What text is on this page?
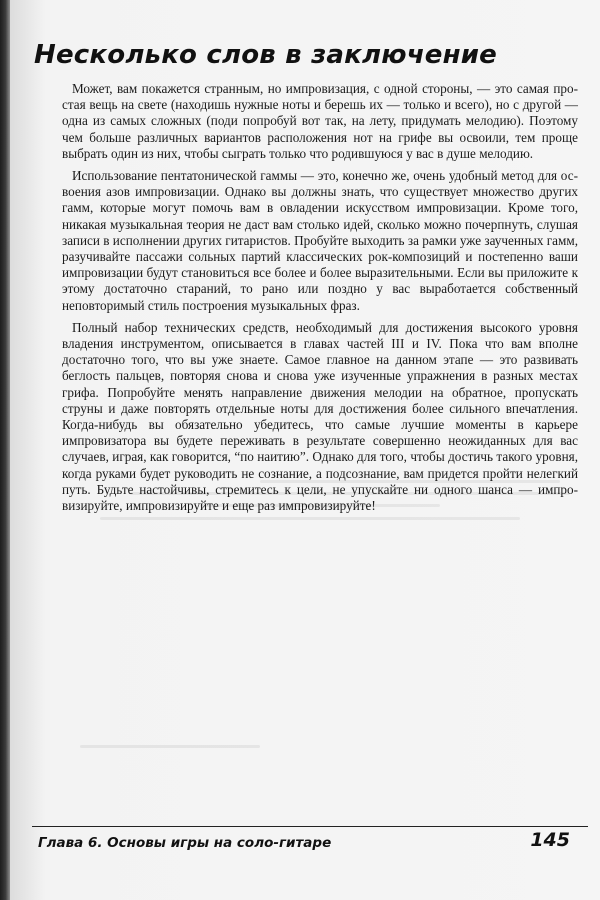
Несколько слов в заключение

Может, вам покажется странным, но импровизация, с одной стороны, — это самая простая вещь на свете (находишь нужные ноты и берешь их — только и всего), но с другой — одна из самых сложных (поди попробуй вот так, на лету, придумать мелодию). Поэтому чем больше различных вариантов расположения нот на грифе вы освоили, тем проще выбрать один из них, чтобы сыграть только что родившуюся у вас в душе мелодию.

Использование пентатонической гаммы — это, конечно же, очень удобный метод для освоения азов импровизации. Однако вы должны знать, что существует множество других гамм, которые могут помочь вам в овладении искусством импровизации. Кроме того, никакая музыкальная теория не даст вам столько идей, сколько можно почерпнуть, слушая записи в исполнении других гитаристов. Пробуйте выходить за рамки уже заученных гамм, разучивайте пассажи сольных партий классических рок-композиций и постепенно ваши импровизации будут становиться все более и более выразительными. Если вы приложите к этому достаточно стараний, то рано или поздно у вас выработается собственный неповторимый стиль построения музыкальных фраз.

Полный набор технических средств, необходимый для достижения высокого уровня владения инструментом, описывается в главах частей III и IV. Пока что вам вполне достаточно того, что вы уже знаете. Самое главное на данном этапе — это развивать беглость пальцев, повторяя снова и снова уже изученные упражнения в разных местах грифа. Попробуйте менять направление движения мелодии на обратное, пропускать струны и даже повторять отдельные ноты для достижения более сильного впечатления. Когда-нибудь вы обязательно убедитесь, что самые лучшие моменты в карьере импровизатора вы будете переживать в результате совершенно неожиданных для вас случаев, играя, как говорится, “по наитию”. Однако для того, чтобы достичь такого уровня, когда руками будет руководить не сознание, а подсознание, вам придется пройти нелегкий путь. Будьте настойчивы, стремитесь к цели, не упускайте ни одного шанса — импровизируйте, импровизируйте и еще раз импровизируйте!

Глава 6. Основы игры на соло-гитаре	145
